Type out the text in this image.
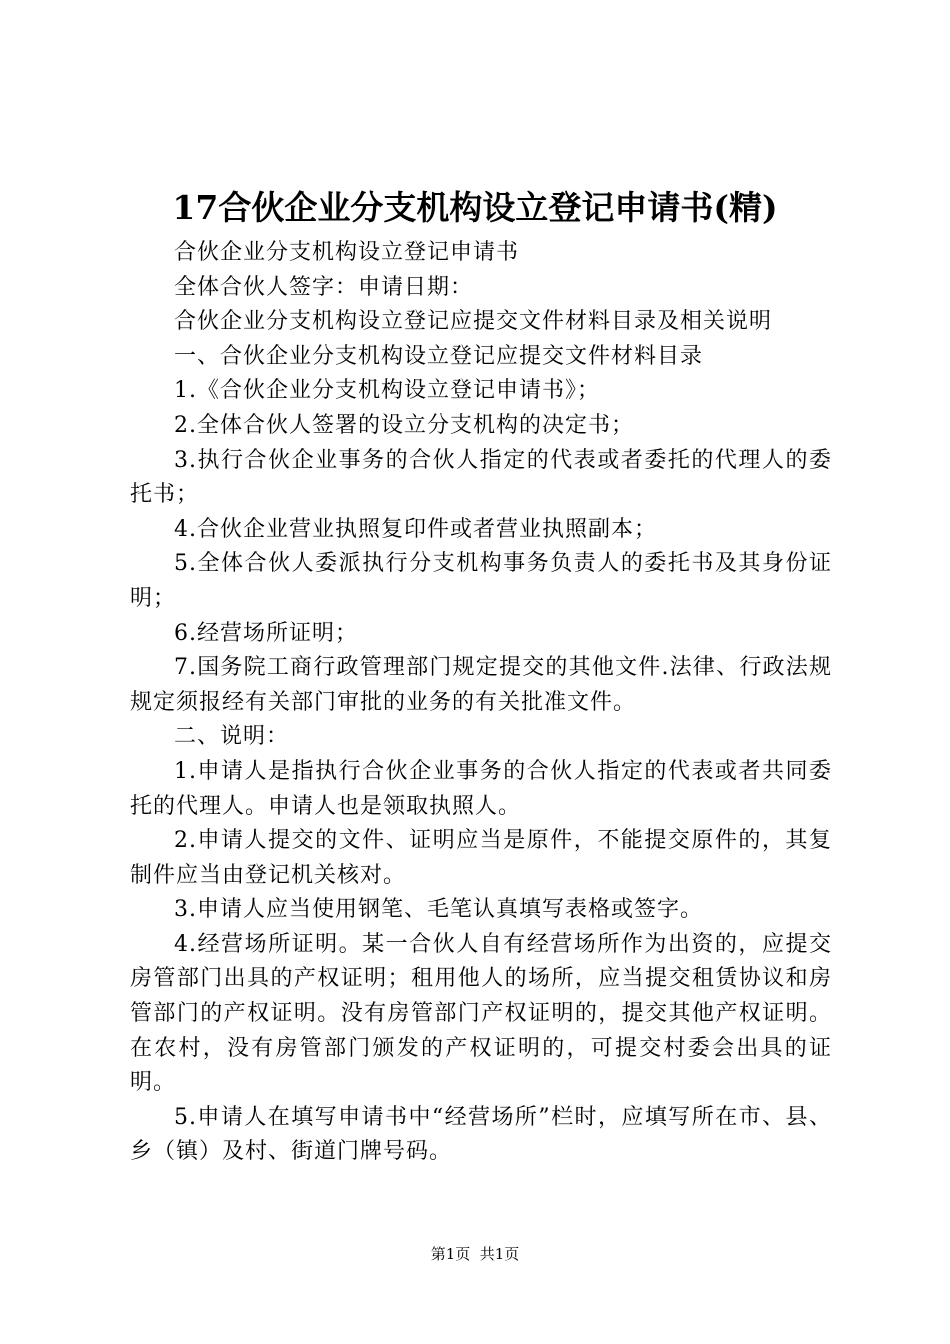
17合伙企业分支机构设立登记申请书(精)

合伙企业分支机构设立登记申请书

全体合伙人签字：申请日期：

合伙企业分支机构设立登记应提交文件材料目录及相关说明

一、合伙企业分支机构设立登记应提交文件材料目录

1.《合伙企业分支机构设立登记申请书》；

2.全体合伙人签署的设立分支机构的决定书；

3.执行合伙企业事务的合伙人指定的代表或者委托的代理人的委托书；

4.合伙企业营业执照复印件或者营业执照副本；

5.全体合伙人委派执行分支机构事务负责人的委托书及其身份证明；

6.经营场所证明；

7.国务院工商行政管理部门规定提交的其他文件.法律、行政法规规定须报经有关部门审批的业务的有关批准文件。

二、说明：

1.申请人是指执行合伙企业事务的合伙人指定的代表或者共同委托的代理人。申请人也是领取执照人。

2.申请人提交的文件、证明应当是原件，不能提交原件的，其复制件应当由登记机关核对。

3.申请人应当使用钢笔、毛笔认真填写表格或签字。

4.经营场所证明。某一合伙人自有经营场所作为出资的，应提交房管部门出具的产权证明；租用他人的场所，应当提交租赁协议和房管部门的产权证明。没有房管部门产权证明的，提交其他产权证明。在农村，没有房管部门颁发的产权证明的，可提交村委会出具的证明。

5.申请人在填写申请书中“经营场所”栏时，应填写所在市、县、乡（镇）及村、街道门牌号码。

第1页  共1页
